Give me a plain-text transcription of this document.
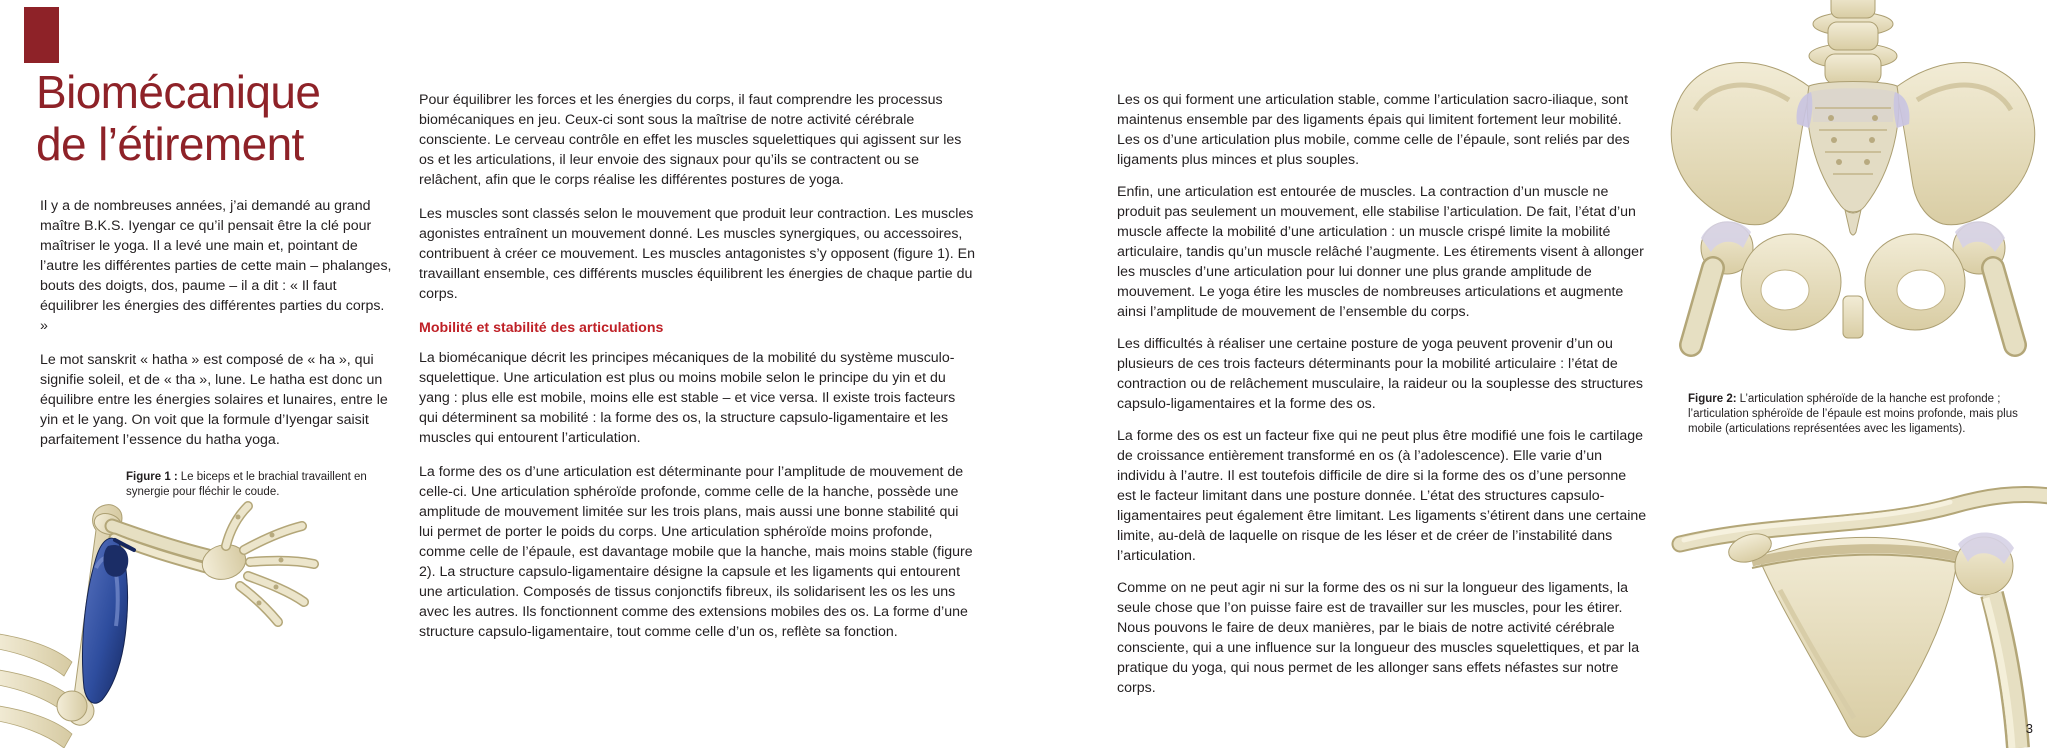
Biomécanique
de l’étirement

Il y a de nombreuses années, j’ai demandé au grand maître B.K.S. Iyengar ce qu’il pensait être la clé pour maîtriser le yoga. Il a levé une main et, pointant de l’autre les différentes parties de cette main – phalanges, bouts des doigts, dos, paume – il a dit : « Il faut équilibrer les énergies des différentes parties du corps. »

Le mot sanskrit « hatha » est composé de « ha », qui signifie soleil, et de « tha », lune. Le hatha est donc un équilibre entre les énergies solaires et lunaires, entre le yin et le yang. On voit que la formule d’Iyengar saisit parfaitement l’essence du hatha yoga.

Pour équilibrer les forces et les énergies du corps, il faut comprendre les processus biomécaniques en jeu. Ceux-ci sont sous la maîtrise de notre activité cérébrale consciente. Le cerveau contrôle en effet les muscles squelettiques qui agissent sur les os et les articulations, il leur envoie des signaux pour qu’ils se contractent ou se relâchent, afin que le corps réalise les différentes postures de yoga.

Les muscles sont classés selon le mouvement que produit leur contraction. Les muscles agonistes entraînent un mouvement donné. Les muscles synergiques, ou accessoires, contribuent à créer ce mouvement. Les muscles antagonistes s’y opposent (figure 1). En travaillant ensemble, ces différents muscles équilibrent les énergies de chaque partie du corps.

Mobilité et stabilité des articulations

La biomécanique décrit les principes mécaniques de la mobilité du système musculo-squelettique. Une articulation est plus ou moins mobile selon le principe du yin et du yang : plus elle est mobile, moins elle est stable – et vice versa. Il existe trois facteurs qui déterminent sa mobilité : la forme des os, la structure capsulo-ligamentaire et les muscles qui entourent l’articulation.

La forme des os d’une articulation est déterminante pour l’amplitude de mouvement de celle-ci. Une articulation sphéroïde profonde, comme celle de la hanche, possède une amplitude de mouvement limitée sur les trois plans, mais aussi une bonne stabilité qui lui permet de porter le poids du corps. Une articulation sphéroïde moins profonde, comme celle de l’épaule, est davantage mobile que la hanche, mais moins stable (figure 2). La structure capsulo-ligamentaire désigne la capsule et les ligaments qui entourent une articulation. Composés de tissus conjonctifs fibreux, ils solidarisent les os les uns avec les autres. Ils fonctionnent comme des extensions mobiles des os. La forme d’une structure capsulo-ligamentaire, tout comme celle d’un os, reflète sa fonction.

Les os qui forment une articulation stable, comme l’articulation sacro-iliaque, sont maintenus ensemble par des ligaments épais qui limitent fortement leur mobilité. Les os d’une articulation plus mobile, comme celle de l’épaule, sont reliés par des ligaments plus minces et plus souples.

Enfin, une articulation est entourée de muscles. La contraction d’un muscle ne produit pas seulement un mouvement, elle stabilise l’articulation. De fait, l’état d’un muscle affecte la mobilité d’une articulation : un muscle crispé limite la mobilité articulaire, tandis qu’un muscle relâché l’augmente. Les étirements visent à allonger les muscles d’une articulation pour lui donner une plus grande amplitude de mouvement. Le yoga étire les muscles de nombreuses articulations et augmente ainsi l’amplitude de mouvement de l’ensemble du corps.

Les difficultés à réaliser une certaine posture de yoga peuvent provenir d’un ou plusieurs de ces trois facteurs déterminants pour la mobilité articulaire : l’état de contraction ou de relâchement musculaire, la raideur ou la souplesse des structures capsulo-ligamentaires et la forme des os.

La forme des os est un facteur fixe qui ne peut plus être modifié une fois le cartilage de croissance entièrement transformé en os (à l’adolescence). Elle varie d’un individu à l’autre. Il est toutefois difficile de dire si la forme des os d’une personne est le facteur limitant dans une posture donnée. L’état des structures capsulo-ligamentaires peut également être limitant. Les ligaments s’étirent dans une certaine limite, au-delà de laquelle on risque de les léser et de créer de l’instabilité dans l’articulation.

Comme on ne peut agir ni sur la forme des os ni sur la longueur des ligaments, la seule chose que l’on puisse faire est de travailler sur les muscles, pour les étirer. Nous pouvons le faire de deux manières, par le biais de notre activité cérébrale consciente, qui a une influence sur la longueur des muscles squelettiques, et par la pratique du yoga, qui nous permet de les allonger sans effets néfastes sur notre corps.

Figure 1 : Le biceps et le brachial travaillent en synergie pour fléchir le coude.
Figure 2: L’articulation sphéroïde de la hanche est profonde ; l’articulation sphéroïde de l’épaule est moins profonde, mais plus mobile (articulations représentées avec les ligaments).
3
